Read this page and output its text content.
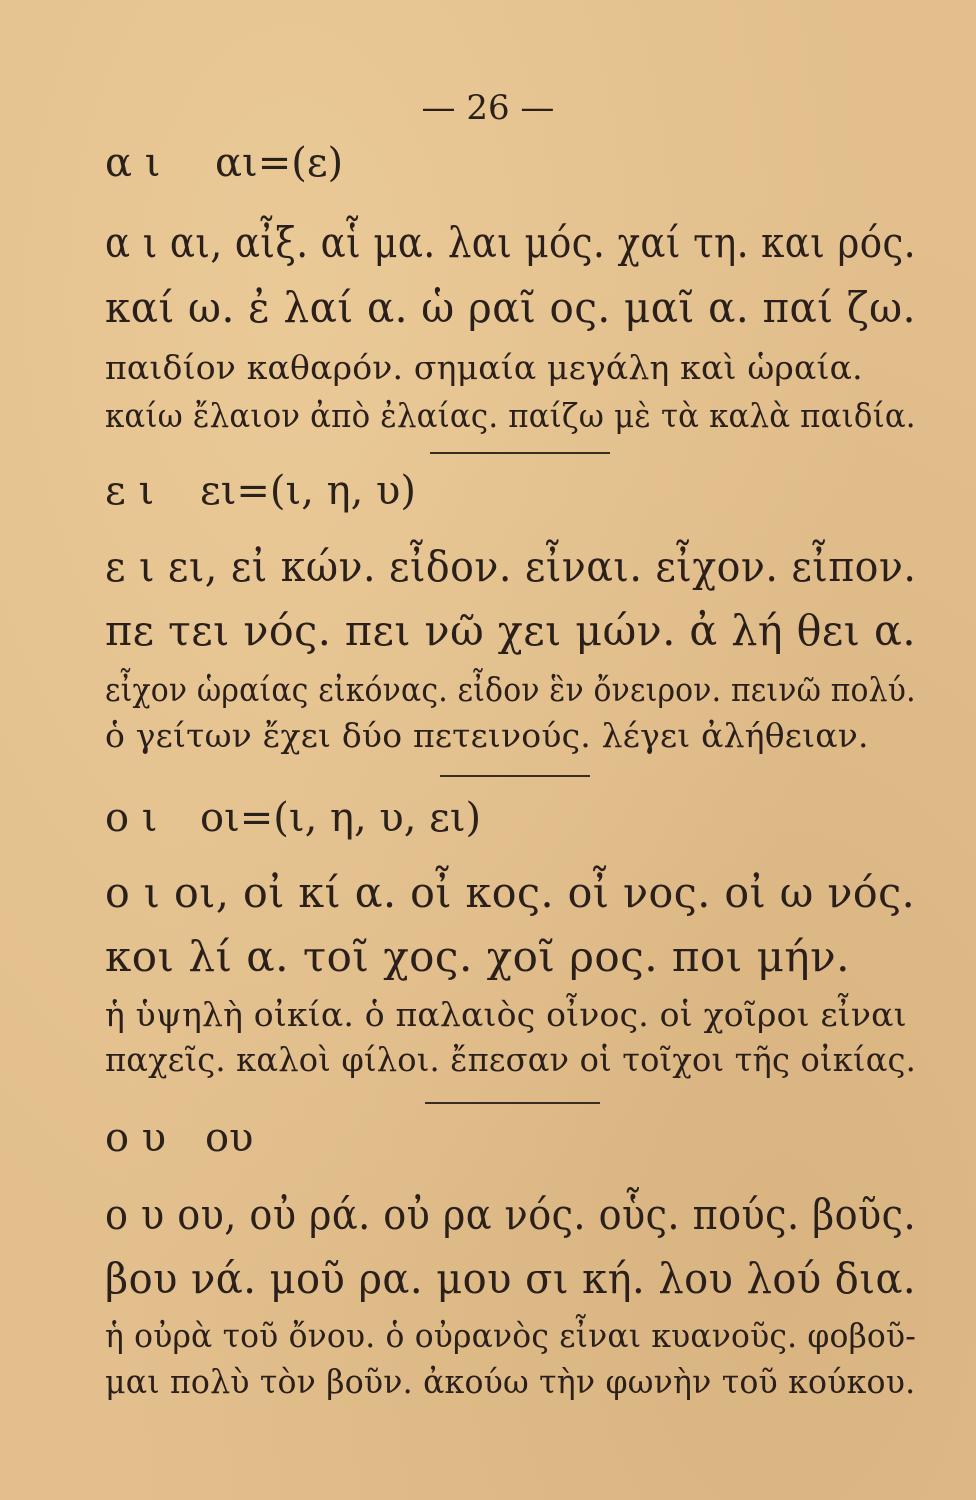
— 26 —
α ι αι=(ε)
α ι αι, αἶξ. αἷ μα. λαι μός. χαί τη. και ρός.
καί ω. ἐ λαί α. ὡ ραῖ ος. μαῖ α. παί ζω.
παιδίον καθαρόν. σημαία μεγάλη καὶ ὡραία.
καίω ἔλαιον ἀπὸ ἐλαίας. παίζω μὲ τὰ καλὰ παιδία.
ε ι ει=(ι, η, υ)
ε ι ει, εἰ κών. εἶδον. εἶναι. εἶχον. εἶπον.
πε τει νός. πει νῶ χει μών. ἀ λή θει α.
εἶχον ὡραίας εἰκόνας. εἶδον ἓν ὄνειρον. πεινῶ πολύ.
ὁ γείτων ἔχει δύο πετεινούς. λέγει ἀλήθειαν.
ο ι οι=(ι, η, υ, ει)
ο ι οι, οἰ κί α. οἶ κος. οἶ νος. οἰ ω νός.
κοι λί α. τοῖ χος. χοῖ ρος. ποι μήν.
ἡ ὑψηλὴ οἰκία. ὁ παλαιὸς οἶνος. οἱ χοῖροι εἶναι
παχεῖς. καλοὶ φίλοι. ἔπεσαν οἱ τοῖχοι τῆς οἰκίας.
ο υ ου
ο υ ου, οὐ ρά. οὐ ρα νός. οὗς. πούς. βοῦς.
βου νά. μοῦ ρα. μου σι κή. λου λού δια.
ἡ οὐρὰ τοῦ ὄνου. ὁ οὐρανὸς εἶναι κυανοῦς. φοβοῦ-
μαι πολὺ τὸν βοῦν. ἀκούω τὴν φωνὴν τοῦ κούκου.
